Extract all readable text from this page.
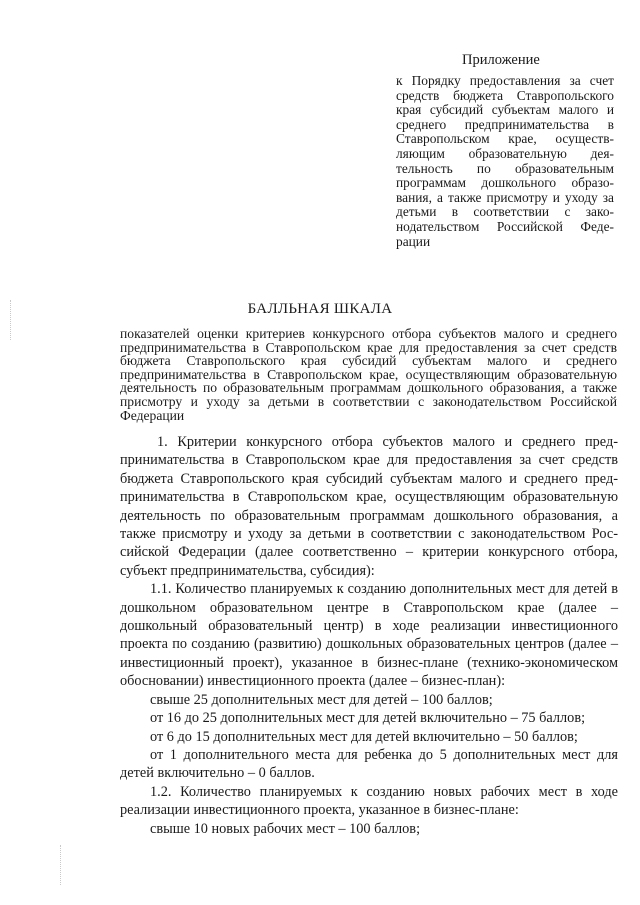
Приложение
к Порядку предоставления за счет средств бюджета Ставропольского края субсидий субъектам малого и среднего предпринимательства в Ставропольском крае, осуществляющим образовательную деятельность по образовательным программам дошкольного образования, а также присмотру и уходу за детьми в соответствии с законодательством Российской Федерации
БАЛЛЬНАЯ ШКАЛА
показателей оценки критериев конкурсного отбора субъектов малого и среднего предпринимательства в Ставропольском крае для предоставления за счет средств бюджета Ставропольского края субсидий субъектам малого и среднего предпринимательства в Ставропольском крае, осуществляющим образовательную деятельность по образовательным программам дошкольного образования, а также присмотру и уходу за детьми в соответствии с законодательством Российской Федерации

1. Критерии конкурсного отбора субъектов малого и среднего предпринимательства в Ставропольском крае для предоставления за счет средств бюджета Ставропольского края субсидий субъектам малого и среднего предпринимательства в Ставропольском крае, осуществляющим образовательную деятельность по образовательным программам дошкольного образования, а также присмотру и уходу за детьми в соответствии с законодательством Российской Федерации (далее соответственно – критерии конкурсного отбора, субъект предпринимательства, субсидия):

1.1. Количество планируемых к созданию дополнительных мест для детей в дошкольном образовательном центре в Ставропольском крае (далее – дошкольный образовательный центр) в ходе реализации инвестиционного проекта по созданию (развитию) дошкольных образовательных центров (далее – инвестиционный проект), указанное в бизнес-плане (технико-экономическом обосновании) инвестиционного проекта (далее – бизнес-план):

свыше 25 дополнительных мест для детей – 100 баллов;

от 16 до 25 дополнительных мест для детей включительно – 75 баллов;

от 6 до 15 дополнительных мест для детей включительно – 50 баллов;

от 1 дополнительного места для ребенка до 5 дополнительных мест для детей включительно – 0 баллов.

1.2. Количество планируемых к созданию новых рабочих мест в ходе реализации инвестиционного проекта, указанное в бизнес-плане:

свыше 10 новых рабочих мест – 100 баллов;
